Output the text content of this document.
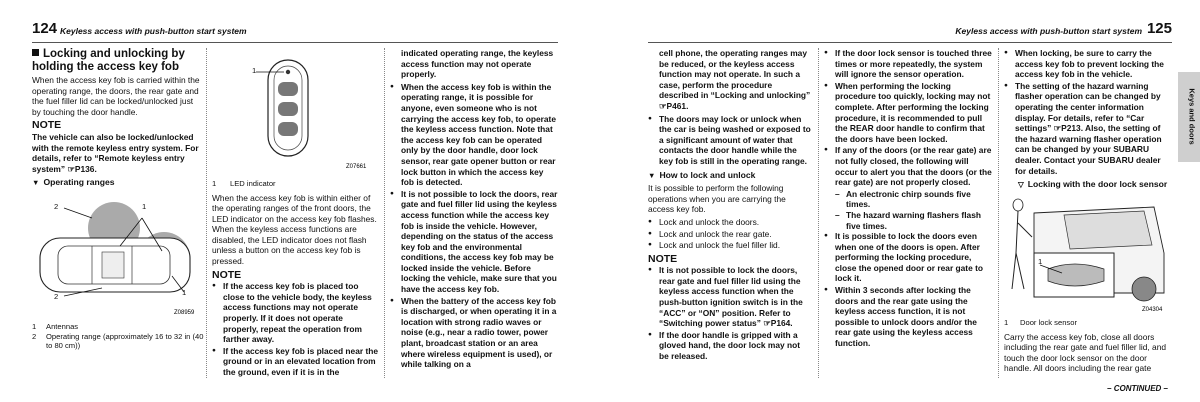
124 Keyless access with push-button start system
Locking and unlocking by holding the access key fob

When the access key fob is carried within the operating range, the doors, the rear gate and the fuel filler lid can be locked/unlocked just by touching the door handle.

NOTE

The vehicle can also be locked/unlocked with the remote keyless entry system. For details, refer to “Remote keyless entry system” ☞P136.

▼ Operating ranges
Z08959
1
2
2	1
1	Antennas
2	Operating range (approximately 16 to 32 in (40 to 80 cm))
Z07661
1
1	LED indicator

When the access key fob is within either of the operating ranges of the front doors, the LED indicator on the access key fob flashes. When the keyless access functions are disabled, the LED indicator does not flash unless a button on the access key fob is pressed.

NOTE
● If the access key fob is placed too close to the vehicle body, the keyless access functions may not operate properly. If it does not operate properly, repeat the operation from farther away.
● If the access key fob is placed near the ground or in an elevated location from the ground, even if it is in the

indicated operating range, the keyless access function may not operate properly.

● When the access key fob is within the operating range, it is possible for anyone, even someone who is not carrying the access key fob, to operate the keyless access function. Note that the access key fob can be operated only by the door handle, door lock sensor, rear gate opener button or rear lock button in which the access key fob is detected.
● It is not possible to lock the doors, rear gate and fuel filler lid using the keyless access function while the access key fob is inside the vehicle. However, depending on the status of the access key fob and the environmental conditions, the access key fob may be locked inside the vehicle. Before locking the vehicle, make sure that you have the access key fob.
● When the battery of the access key fob is discharged, or when operating it in a location with strong radio waves or noise (e.g., near a radio tower, power plant, broadcast station or an area where wireless equipment is used), or while talking on a
Keyless access with push-button start system 125
Keys and doors

cell phone, the operating ranges may be reduced, or the keyless access function may not operate. In such a case, perform the procedure described in “Locking and unlocking” ☞P461.

● The doors may lock or unlock when the car is being washed or exposed to a significant amount of water that contacts the door handle while the key fob is still in the operating range.
▼ How to lock and unlock

It is possible to perform the following operations when you are carrying the access key fob.

● Lock and unlock the doors.
● Lock and unlock the rear gate.
● Lock and unlock the fuel filler lid.
NOTE
● It is not possible to lock the doors, rear gate and fuel filler lid using the keyless access function when the push-button ignition switch is in the “ACC” or “ON” position. Refer to “Switching power status” ☞P164.
● If the door handle is gripped with a gloved hand, the door lock may not be released.
● If the door lock sensor is touched three times or more repeatedly, the system will ignore the sensor operation.
● When performing the locking procedure too quickly, locking may not complete. After performing the locking procedure, it is recommended to pull the REAR door handle to confirm that the doors have been locked.
● If any of the doors (or the rear gate) are not fully closed, the following will occur to alert you that the doors (or the rear gate) are not properly closed.
– An electronic chirp sounds five times.
– The hazard warning flashers flash five times.
● It is possible to lock the doors even when one of the doors is open. After performing the locking procedure, close the opened door or rear gate to lock it.
● Within 3 seconds after locking the doors and the rear gate using the keyless access function, it is not possible to unlock doors and/or the rear gate using the keyless access function.
● When locking, be sure to carry the access key fob to prevent locking the access key fob in the vehicle.
● The setting of the hazard warning flasher operation can be changed by operating the center information display. For details, refer to “Car settings” ☞P213. Also, the setting of the hazard warning flasher operation can be changed by your SUBARU dealer. Contact your SUBARU dealer for details.
▽ Locking with the door lock sensor
Z04304
1
1	Door lock sensor

Carry the access key fob, close all doors including the rear gate and fuel filler lid, and touch the door lock sensor on the door handle. All doors including the rear gate

– CONTINUED –
